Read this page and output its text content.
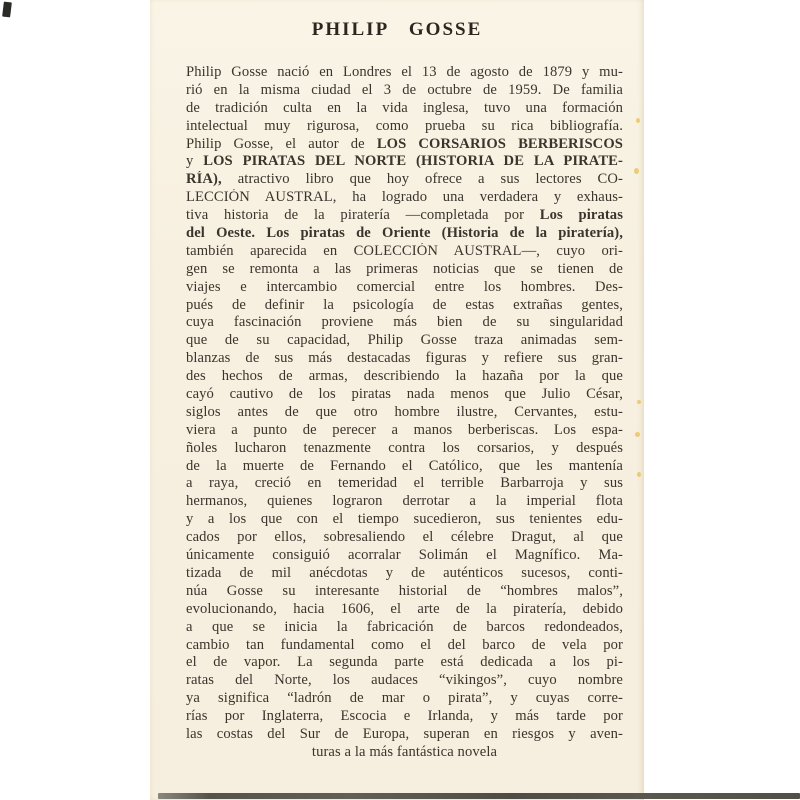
PHILIP GOSSE
Philip Gosse nació en Londres el 13 de agosto de 1879 y mu-
rió en la misma ciudad el 3 de octubre de 1959. De familia
de tradición culta en la vida inglesa, tuvo una formación
intelectual muy rigurosa, como prueba su rica bibliografía.
Philip Gosse, el autor de LOS CORSARIOS BERBERISCOS
y LOS PIRATAS DEL NORTE (HISTORIA DE LA PIRATE-
RÍA), atractivo libro que hoy ofrece a sus lectores CO-
LECCIÓN AUSTRAL, ha logrado una verdadera y exhaus-
tiva historia de la piratería —completada por Los piratas
del Oeste. Los piratas de Oriente (Historia de la piratería),
también aparecida en COLECCIÓN AUSTRAL—, cuyo ori-
gen se remonta a las primeras noticias que se tienen de
viajes e intercambio comercial entre los hombres. Des-
pués de definir la psicología de estas extrañas gentes,
cuya fascinación proviene más bien de su singularidad
que de su capacidad, Philip Gosse traza animadas sem-
blanzas de sus más destacadas figuras y refiere sus gran-
des hechos de armas, describiendo la hazaña por la que
cayó cautivo de los piratas nada menos que Julio César,
siglos antes de que otro hombre ilustre, Cervantes, estu-
viera a punto de perecer a manos berberiscas. Los espa-
ñoles lucharon tenazmente contra los corsarios, y después
de la muerte de Fernando el Católico, que les mantenía
a raya, creció en temeridad el terrible Barbarroja y sus
hermanos, quienes lograron derrotar a la imperial flota
y a los que con el tiempo sucedieron, sus tenientes edu-
cados por ellos, sobresaliendo el célebre Dragut, al que
únicamente consiguió acorralar Solimán el Magnífico. Ma-
tizada de mil anécdotas y de auténticos sucesos, conti-
núa Gosse su interesante historial de “hombres malos”,
evolucionando, hacia 1606, el arte de la piratería, debido
a que se inicia la fabricación de barcos redondeados,
cambio tan fundamental como el del barco de vela por
el de vapor. La segunda parte está dedicada a los pi-
ratas del Norte, los audaces “vikingos”, cuyo nombre
ya significa “ladrón de mar o pirata”, y cuyas corre-
rías por Inglaterra, Escocia e Irlanda, y más tarde por
las costas del Sur de Europa, superan en riesgos y aven-
turas a la más fantástica novela
